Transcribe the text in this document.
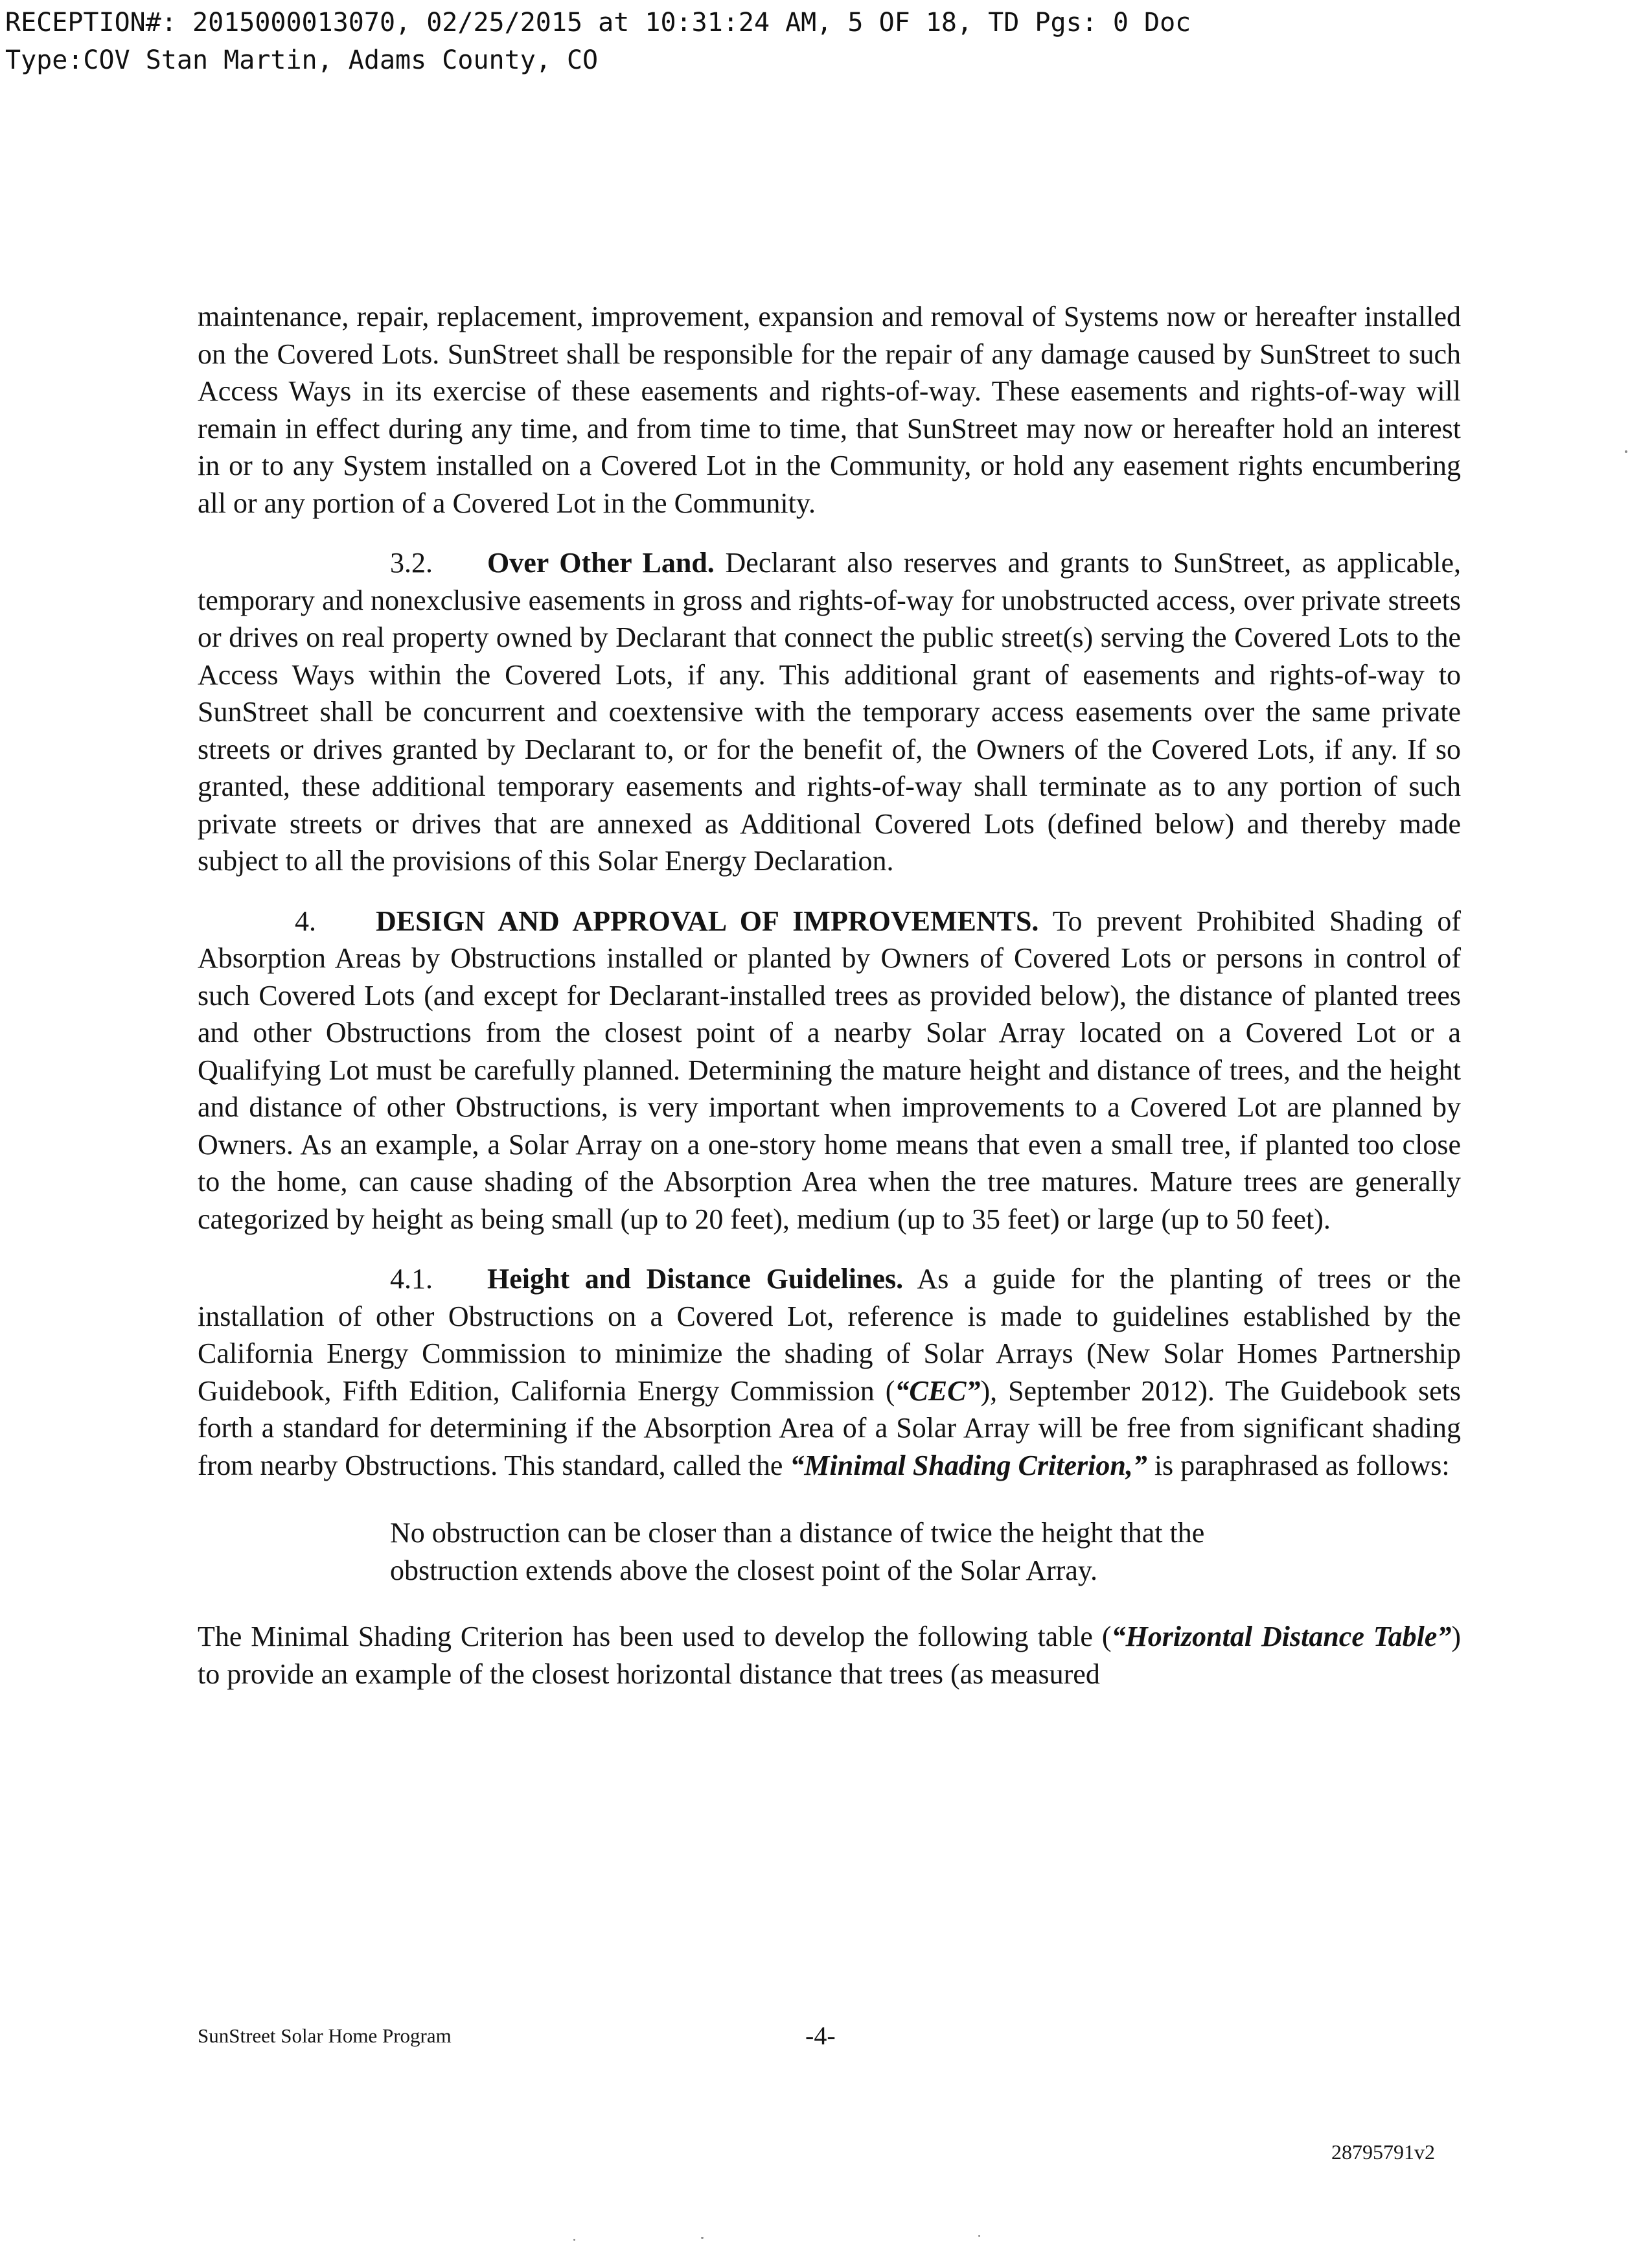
RECEPTION#: 2015000013070, 02/25/2015 at 10:31:24 AM, 5 OF 18, TD Pgs: 0 Doc
Type:COV Stan Martin, Adams County, CO

maintenance, repair, replacement, improvement, expansion and removal of Systems now or hereafter installed on the Covered Lots. SunStreet shall be responsible for the repair of any damage caused by SunStreet to such Access Ways in its exercise of these easements and rights-of-way. These easements and rights-of-way will remain in effect during any time, and from time to time, that SunStreet may now or hereafter hold an interest in or to any System installed on a Covered Lot in the Community, or hold any easement rights encumbering all or any portion of a Covered Lot in the Community.

3.2. Over Other Land. Declarant also reserves and grants to SunStreet, as applicable, temporary and nonexclusive easements in gross and rights-of-way for unobstructed access, over private streets or drives on real property owned by Declarant that connect the public street(s) serving the Covered Lots to the Access Ways within the Covered Lots, if any. This additional grant of easements and rights-of-way to SunStreet shall be concurrent and coextensive with the temporary access easements over the same private streets or drives granted by Declarant to, or for the benefit of, the Owners of the Covered Lots, if any. If so granted, these additional temporary easements and rights-of-way shall terminate as to any portion of such private streets or drives that are annexed as Additional Covered Lots (defined below) and thereby made subject to all the provisions of this Solar Energy Declaration.

4. DESIGN AND APPROVAL OF IMPROVEMENTS. To prevent Prohibited Shading of Absorption Areas by Obstructions installed or planted by Owners of Covered Lots or persons in control of such Covered Lots (and except for Declarant-installed trees as provided below), the distance of planted trees and other Obstructions from the closest point of a nearby Solar Array located on a Covered Lot or a Qualifying Lot must be carefully planned. Determining the mature height and distance of trees, and the height and distance of other Obstructions, is very important when improvements to a Covered Lot are planned by Owners. As an example, a Solar Array on a one-story home means that even a small tree, if planted too close to the home, can cause shading of the Absorption Area when the tree matures. Mature trees are generally categorized by height as being small (up to 20 feet), medium (up to 35 feet) or large (up to 50 feet).

4.1. Height and Distance Guidelines. As a guide for the planting of trees or the installation of other Obstructions on a Covered Lot, reference is made to guidelines established by the California Energy Commission to minimize the shading of Solar Arrays (New Solar Homes Partnership Guidebook, Fifth Edition, California Energy Commission (“CEC”), September 2012). The Guidebook sets forth a standard for determining if the Absorption Area of a Solar Array will be free from significant shading from nearby Obstructions. This standard, called the “Minimal Shading Criterion,” is paraphrased as follows:

No obstruction can be closer than a distance of twice the height that the obstruction extends above the closest point of the Solar Array.

The Minimal Shading Criterion has been used to develop the following table (“Horizontal Distance Table”) to provide an example of the closest horizontal distance that trees (as measured

SunStreet Solar Home Program	-4-
28795791v2
